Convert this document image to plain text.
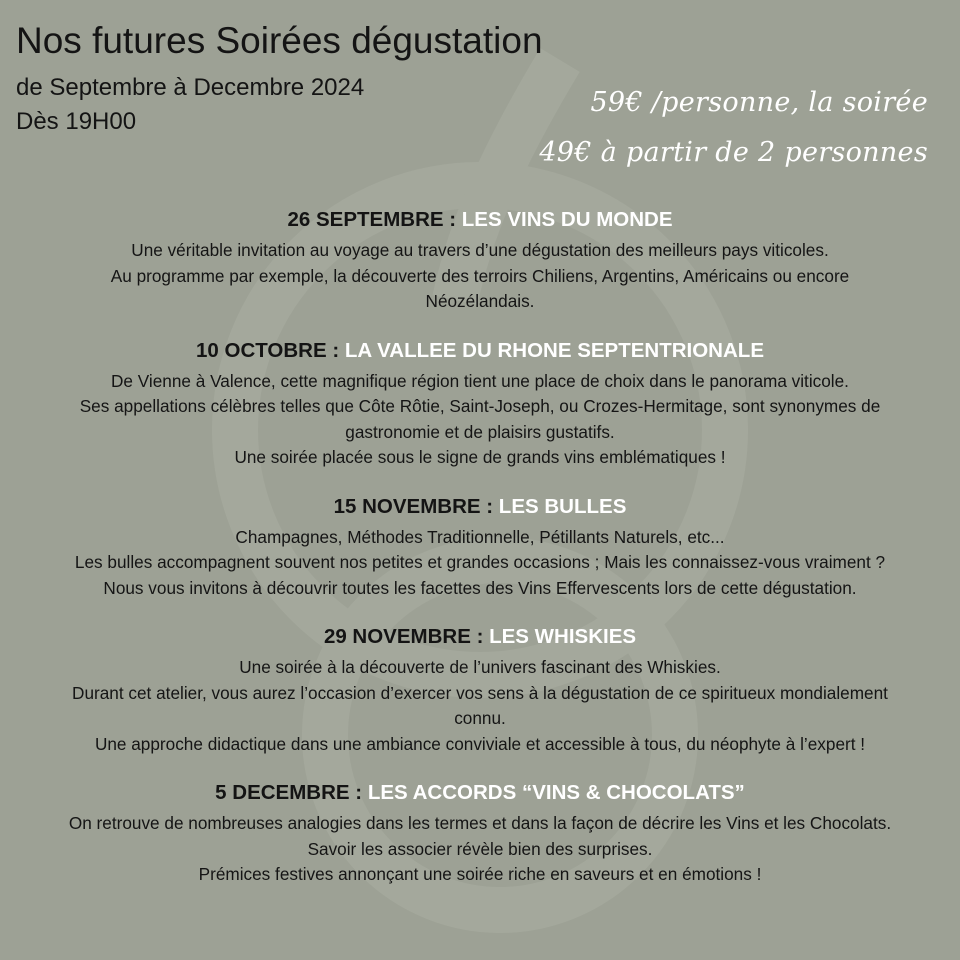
Nos futures Soirées dégustation
de Septembre à Decembre 2024
Dès 19H00
59€ /personne, la soirée
49€ à partir de 2 personnes
26 SEPTEMBRE : LES VINS DU MONDE
Une véritable invitation au voyage au travers d’une dégustation des meilleurs pays viticoles.
Au programme par exemple, la découverte des terroirs Chiliens, Argentins, Américains ou encore
Néozélandais.
10 OCTOBRE : LA VALLEE DU RHONE SEPTENTRIONALE
De Vienne à Valence, cette magnifique région tient une place de choix dans le panorama viticole.
Ses appellations célèbres telles que Côte Rôtie, Saint-Joseph, ou Crozes-Hermitage, sont synonymes de
gastronomie et de plaisirs gustatifs.
Une soirée placée sous le signe de grands vins emblématiques !
15 NOVEMBRE : LES BULLES
Champagnes, Méthodes Traditionnelle, Pétillants Naturels, etc...
Les bulles accompagnent souvent nos petites et grandes occasions ; Mais les connaissez-vous vraiment ?
Nous vous invitons à découvrir toutes les facettes des Vins Effervescents lors de cette dégustation.
29 NOVEMBRE : LES WHISKIES
Une soirée à la découverte de l’univers fascinant des Whiskies.
Durant cet atelier, vous aurez l’occasion d’exercer vos sens à la dégustation de ce spiritueux mondialement
connu.
Une approche didactique dans une ambiance conviviale et accessible à tous, du néophyte à l’expert !
5 DECEMBRE : LES ACCORDS “VINS & CHOCOLATS”
On retrouve de nombreuses analogies dans les termes et dans la façon de décrire les Vins et les Chocolats.
Savoir les associer révèle bien des surprises.
Prémices festives annonçant une soirée riche en saveurs et en émotions !
